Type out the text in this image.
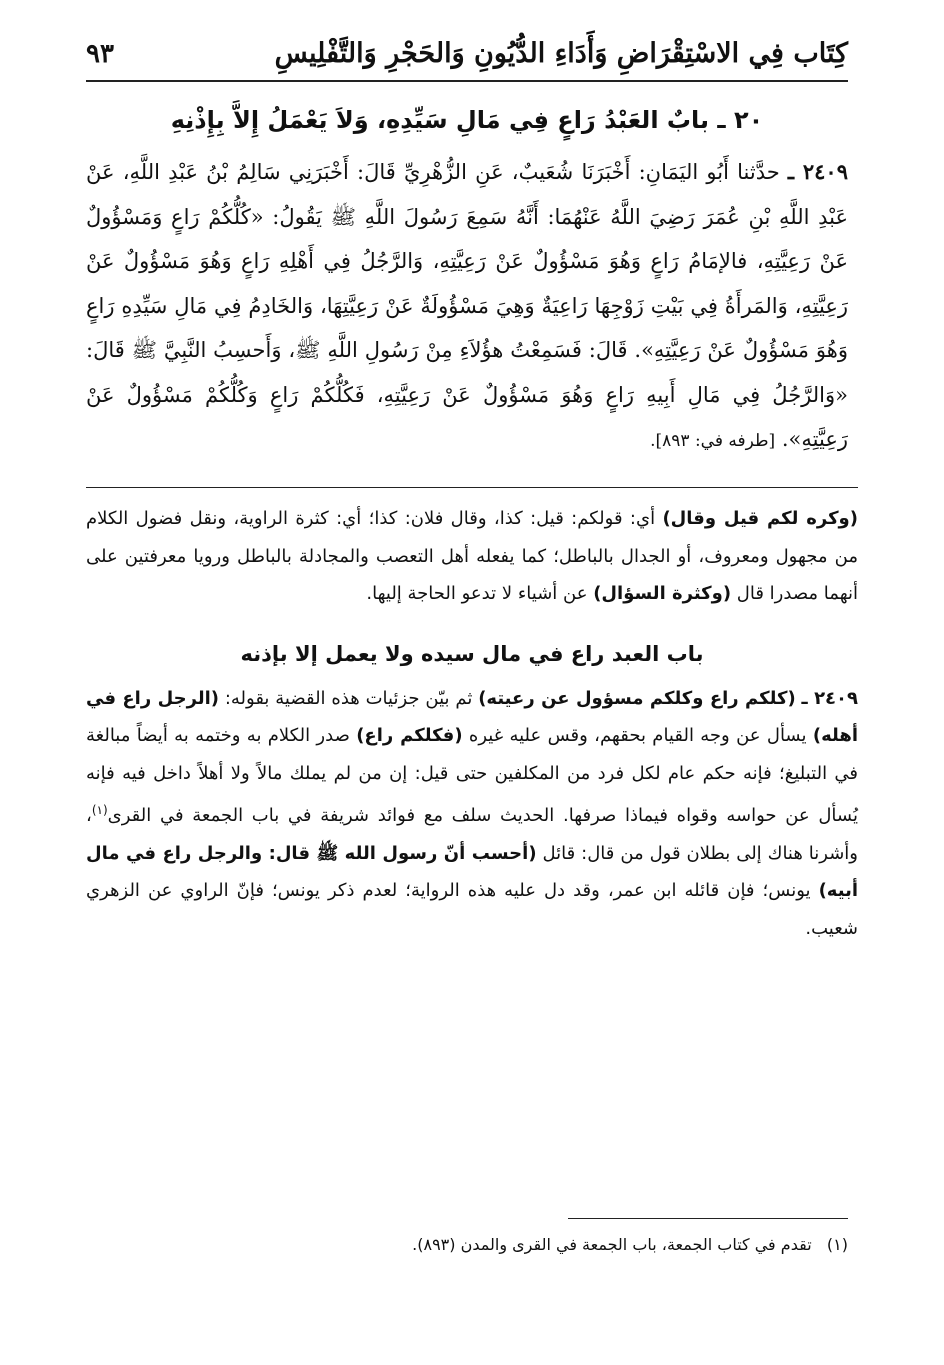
كِتَاب فِي الاسْتِقْرَاضِ وَأَدَاءِ الدُّيُونِ وَالحَجْرِ وَالتَّفْلِيسِ
٩٣
٢٠ ـ بابٌ العَبْدُ رَاعٍ فِي مَالِ سَيِّدِهِ، وَلاَ يَعْمَلُ إِلاَّ بِإِذْنِهِ

٢٤٠٩ ـ حدَّثنا أَبُو اليَمَانِ: أَخْبَرَنَا شُعَيبٌ، عَنِ الزُّهْرِيِّ قَالَ: أَخْبَرَنِي سَالِمُ بْنُ عَبْدِ اللَّهِ، عَنْ عَبْدِ اللَّهِ بْنِ عُمَرَ رَضِيَ اللَّهُ عَنْهُمَا: أَنَّهُ سَمِعَ رَسُولَ اللَّهِ ﷺ يَقُولُ: «كُلُّكُمْ رَاعٍ وَمَسْؤُولٌ عَنْ رَعِيَّتِهِ، فالإمَامُ رَاعٍ وَهُوَ مَسْؤُولٌ عَنْ رَعِيَّتِهِ، وَالرَّجُلُ فِي أَهْلِهِ رَاعٍ وَهُوَ مَسْؤُولٌ عَنْ رَعِيَّتِهِ، وَالمَرأَةُ فِي بَيْتِ زَوْجِهَا رَاعِيَةٌ وَهِيَ مَسْؤُولَةٌ عَنْ رَعِيَّتِهَا، وَالخَادِمُ فِي مَالِ سَيِّدِهِ رَاعٍ وَهُوَ مَسْؤُولٌ عَنْ رَعِيَّتِهِ». قَالَ: فَسَمِعْتُ هؤُلاَءِ مِنْ رَسُولِ اللَّهِ ﷺ، وَأَحسِبُ النَّبِيَّ ﷺ قَالَ: «وَالرَّجُلُ فِي مَالِ أَبِيهِ رَاعٍ وَهُوَ مَسْؤُولٌ عَنْ رَعِيَّتِهِ، فَكُلُّكُمْ رَاعٍ وَكُلُّكُمْ مَسْؤُولٌ عَنْ رَعِيَّتِهِ». [طرفه في: ٨٩٣].

(وكره لكم قيل وقال) أي: قولكم: قيل: كذا، وقال فلان: كذا؛ أي: كثرة الراوية، ونقل فضول الكلام من مجهول ومعروف، أو الجدال بالباطل؛ كما يفعله أهل التعصب والمجادلة بالباطل ورويا معرفتين على أنهما مصدرا قال (وكثرة السؤال) عن أشياء لا تدعو الحاجة إليها.

باب العبد راع في مال سيده ولا يعمل إلا بإذنه

٢٤٠٩ ـ (كلكم راع وكلكم مسؤول عن رعيته) ثم بيّن جزئيات هذه القضية بقوله: (الرجل راع في أهله) يسأل عن وجه القيام بحقهم، وقس عليه غيره (فكلكم راع) صدر الكلام به وختمه به أيضاً مبالغة في التبليغ؛ فإنه حكم عام لكل فرد من المكلفين حتى قيل: إن من لم يملك مالاً ولا أهلاً داخل فيه فإنه يُسأل عن حواسه وقواه فيماذا صرفها. الحديث سلف مع فوائد شريفة في باب الجمعة في القرى$^{(١)}$، وأشرنا هناك إلى بطلان قول من قال: قائل (أحسب أنّ رسول الله ﷺ قال: والرجل راع في مال أبيه) يونس؛ فإن قائله ابن عمر، وقد دل عليه هذه الرواية؛ لعدم ذكر يونس؛ فإنّ الراوي عن الزهري شعيب.

(١)   تقدم في كتاب الجمعة، باب الجمعة في القرى والمدن (٨٩٣).
